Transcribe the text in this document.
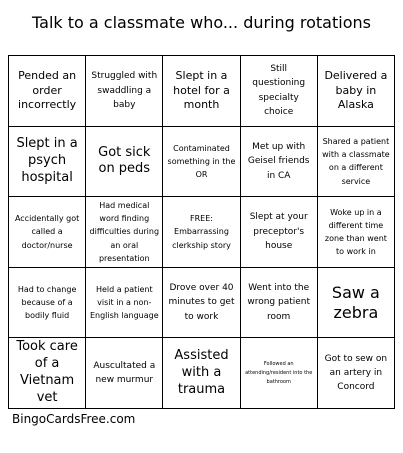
Talk to a classmate who... during rotations
Pended an order incorrectly
Struggled with swaddling a baby
Slept in a hotel for a month
Still questioning specialty choice
Delivered a baby in Alaska
Slept in a psych hospital
Got sick on peds
Contaminated something in the OR
Met up with Geisel friends in CA
Shared a patient with a classmate on a different service
Accidentally got called a doctor/nurse
Had medical word finding difficulties during an oral presentation
FREE: Embarrassing clerkship story
Slept at your preceptor's house
Woke up in a different time zone than went to work in
Had to change because of a bodily fluid
Held a patient visit in a non-English language
Drove over 40 minutes to get to work
Went into the wrong patient room
Saw a zebra
Took care of a Vietnam vet
Auscultated a new murmur
Assisted with a trauma
Followed an attending/resident into the bathroom
Got to sew on an artery in Concord
BingoCardsFree.com
